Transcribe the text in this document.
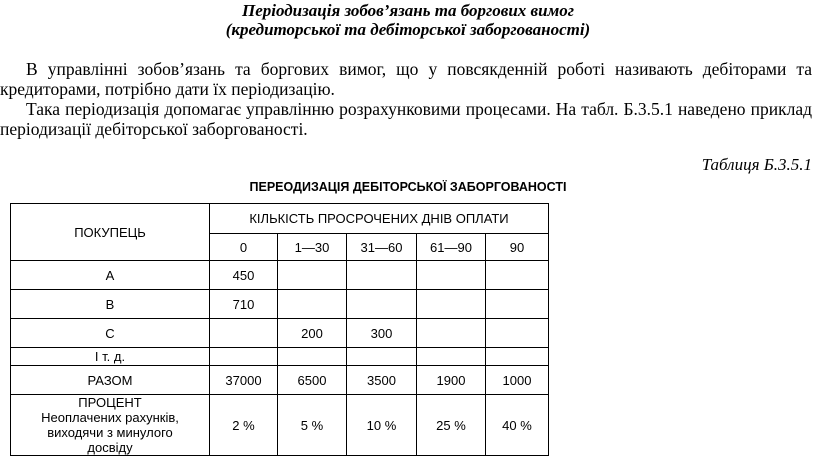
Періодизація зобов’язань та боргових вимог
(кредиторської та дебіторської заборгованості)
В управлінні зобов’язань та боргових вимог, що у повсякденній роботі називають дебіторами та кредиторами, потрібно дати їх періодизацію.
Така періодизація допомагає управлінню розрахунковими процесами. На табл. Б.3.5.1 наведено приклад періодизації дебіторської заборгованості.
Таблиця Б.3.5.1
ПЕРЕОДИЗАЦІЯ ДЕБІТОРСЬКОЇ ЗАБОРГОВАНОСТІ
ПОКУПЕЦЬ	КІЛЬКІСТЬ ПРОСРОЧЕНИХ ДНІВ ОПЛАТИ				
	0	1—30	31—60	61—90	90
А	450				
В	710				
С		200	300		
І т. д.					
РАЗОМ	37000	6500	3500	1900	1000

ПРОЦЕНТ
Неоплачених рахунків,
виходячи з минулого
досвіду	2 %	5 %	10 %	25 %	40 %
